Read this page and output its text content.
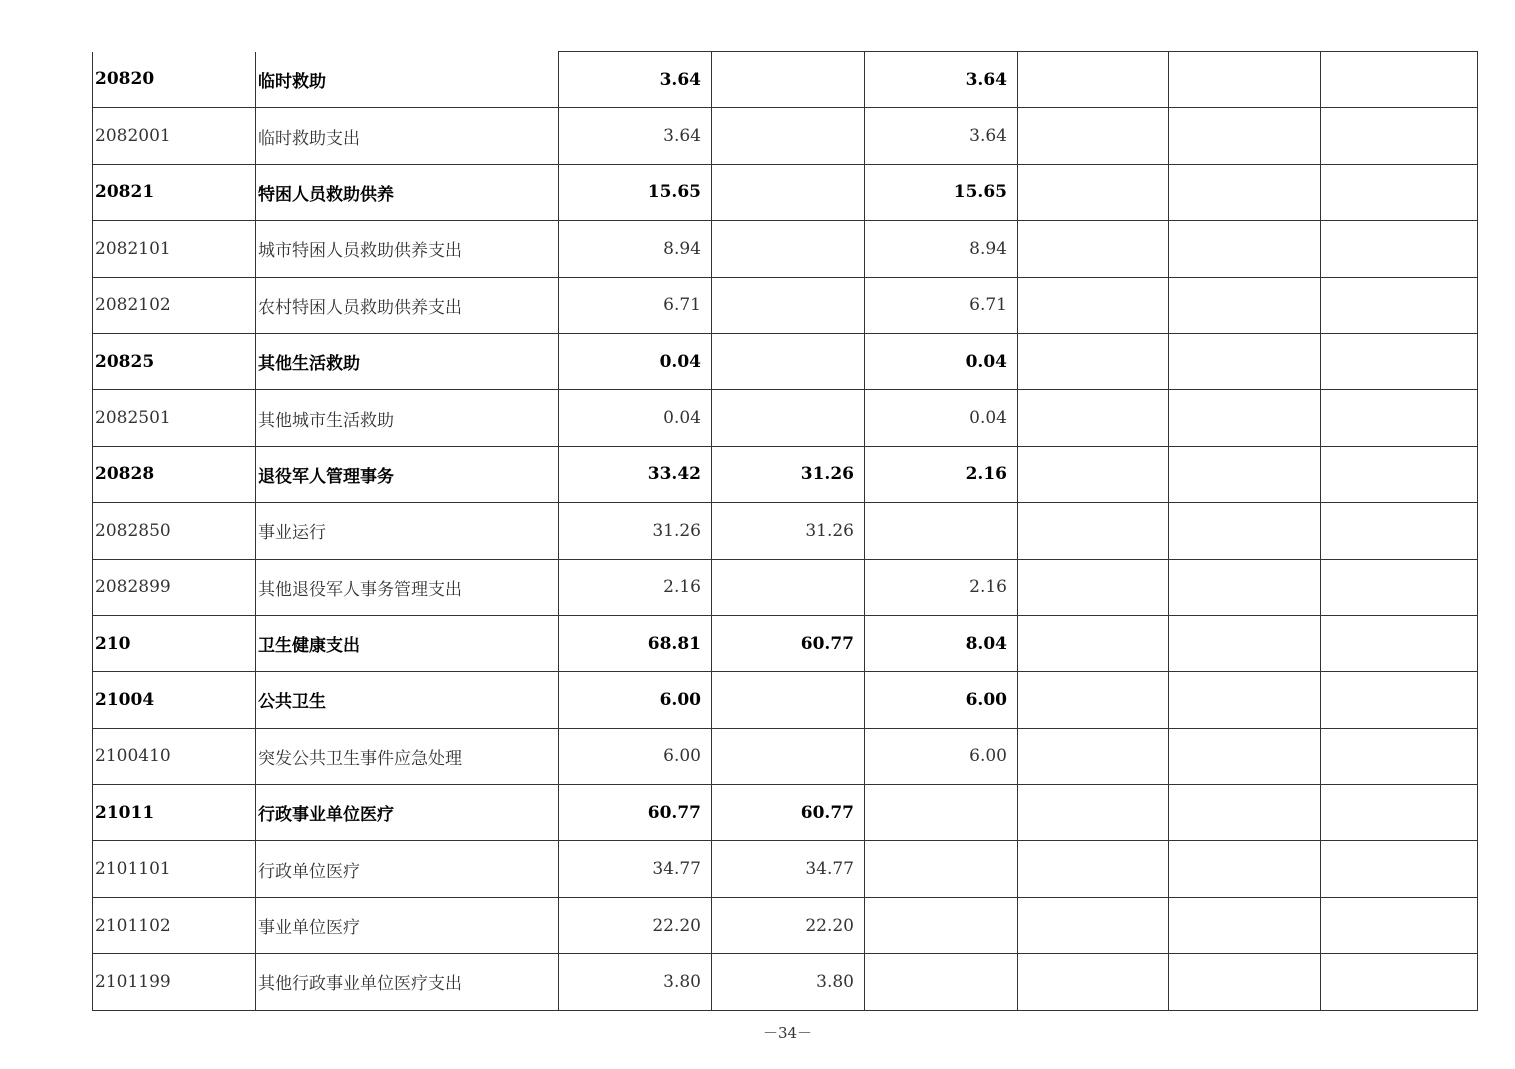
20820	临时救助	3.64		3.64			
2082001	临时救助支出	3.64		3.64			
20821	特困人员救助供养	15.65		15.65			
2082101	城市特困人员救助供养支出	8.94		8.94			
2082102	农村特困人员救助供养支出	6.71		6.71			
20825	其他生活救助	0.04		0.04			
2082501	其他城市生活救助	0.04		0.04			
20828	退役军人管理事务	33.42	31.26	2.16			
2082850	事业运行	31.26	31.26				
2082899	其他退役军人事务管理支出	2.16		2.16			
210	卫生健康支出	68.81	60.77	8.04			
21004	公共卫生	6.00		6.00			
2100410	突发公共卫生事件应急处理	6.00		6.00			
21011	行政事业单位医疗	60.77	60.77				
2101101	行政单位医疗	34.77	34.77				
2101102	事业单位医疗	22.20	22.20				
2101199	其他行政事业单位医疗支出	3.80	3.80				
－34－
